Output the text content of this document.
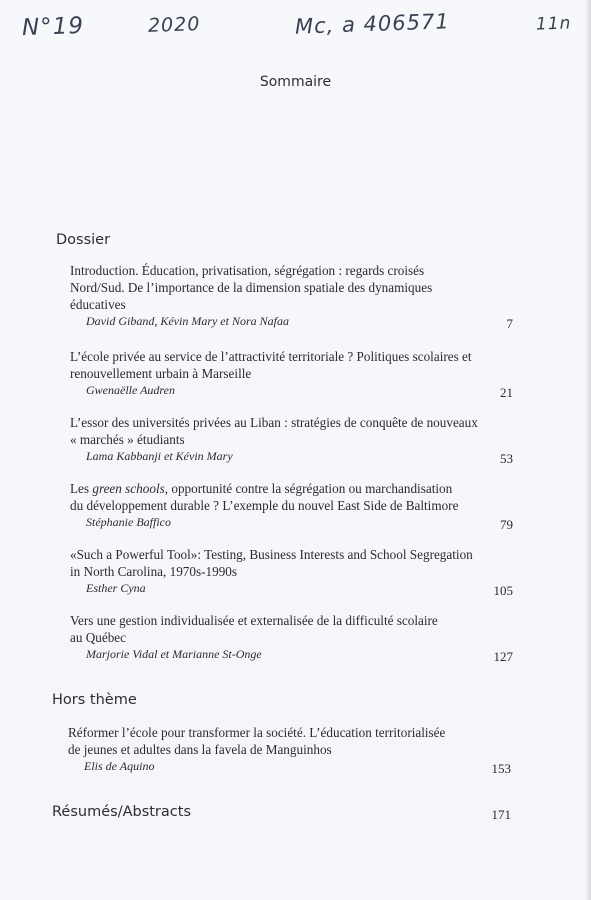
N°19	2020	Mc, a 406571	11n
Sommaire
Dossier
Introduction. Éducation, privatisation, ségrégation : regards croisés
Nord/Sud. De l’importance de la dimension spatiale des dynamiques
éducatives
David Giband, Kévin Mary et Nora Nafaa	7
L’école privée au service de l’attractivité territoriale ? Politiques scolaires et
renouvellement urbain à Marseille
Gwenaëlle Audren	21
L’essor des universités privées au Liban : stratégies de conquête de nouveaux
« marchés » étudiants
Lama Kabbanji et Kévin Mary	53
Les green schools, opportunité contre la ségrégation ou marchandisation
du développement durable ? L’exemple du nouvel East Side de Baltimore
Stéphanie Baffico	79
«Such a Powerful Tool»: Testing, Business Interests and School Segregation
in North Carolina, 1970s-1990s
Esther Cyna	105
Vers une gestion individualisée et externalisée de la difficulté scolaire
au Québec
Marjorie Vidal et Marianne St-Onge	127
Hors thème
Réformer l’école pour transformer la société. L’éducation territorialisée
de jeunes et adultes dans la favela de Manguinhos
Elis de Aquino	153
Résumés/Abstracts	171
